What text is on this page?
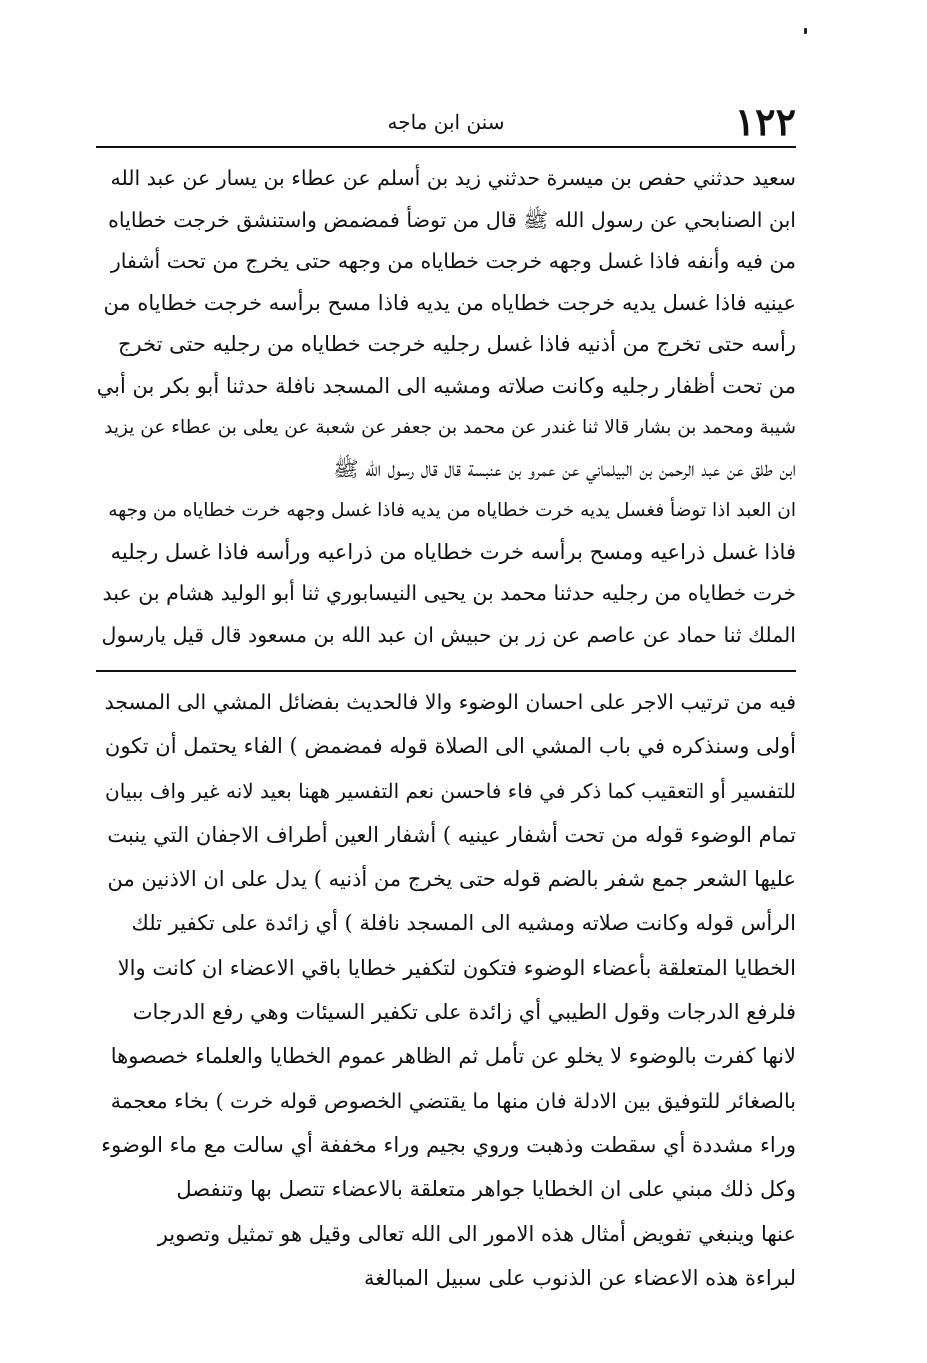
١٢٢
سنن ابن ماجه
سعيد حدثني حفص بن ميسرة حدثني زيد بن أسلم عن عطاء بن يسار عن عبد الله
ابن الصنابحي عن رسول الله ﷺ قال من توضأ فمضمض واستنشق خرجت خطاياه
من فيه وأنفه فاذا غسل وجهه خرجت خطاياه من وجهه حتى يخرج من تحت أشفار
عينيه فاذا غسل يديه خرجت خطاياه من يديه فاذا مسح برأسه خرجت خطاياه من
رأسه حتى تخرج من أذنيه فاذا غسل رجليه خرجت خطاياه من رجليه حتى تخرج
من تحت أظفار رجليه وكانت صلاته ومشيه الى المسجد نافلة حدثنا أبو بكر بن أبي
شيبة ومحمد بن بشار قالا ثنا غندر عن محمد بن جعفر عن شعبة عن يعلى بن عطاء عن يزيد
ابن طلق عن عبد الرحمن بن البيلماني عن عمرو بن عنبسة قال قال رسول الله ﷺ
ان العبد اذا توضأ فغسل يديه خرت خطاياه من يديه فاذا غسل وجهه خرت خطاياه من وجهه
فاذا غسل ذراعيه ومسح برأسه خرت خطاياه من ذراعيه ورأسه فاذا غسل رجليه
خرت خطاياه من رجليه حدثنا محمد بن يحيى النيسابوري ثنا أبو الوليد هشام بن عبد
الملك ثنا حماد عن عاصم عن زر بن حبيش ان عبد الله بن مسعود قال قيل يارسول
فيه من ترتيب الاجر على احسان الوضوء والا فالحديث بفضائل المشي الى المسجد
أولى وسنذكره في باب المشي الى الصلاة قوله فمضمض ) الفاء يحتمل أن تكون
للتفسير أو التعقيب كما ذكر في فاء فاحسن نعم التفسير ههنا بعيد لانه غير واف ببيان
تمام الوضوء قوله من تحت أشفار عينيه ) أشفار العين أطراف الاجفان التي ينبت
عليها الشعر جمع شفر بالضم قوله حتى يخرج من أذنيه ) يدل على ان الاذنين من
الرأس قوله وكانت صلاته ومشيه الى المسجد نافلة ) أي زائدة على تكفير تلك
الخطايا المتعلقة بأعضاء الوضوء فتكون لتكفير خطايا باقي الاعضاء ان كانت والا
فلرفع الدرجات وقول الطيبي أي زائدة على تكفير السيئات وهي رفع الدرجات
لانها كفرت بالوضوء لا يخلو عن تأمل ثم الظاهر عموم الخطايا والعلماء خصصوها
بالصغائر للتوفيق بين الادلة فان منها ما يقتضي الخصوص قوله خرت ) بخاء معجمة
وراء مشددة أي سقطت وذهبت وروي بجيم وراء مخففة أي سالت مع ماء الوضوء
وكل ذلك مبني على ان الخطايا جواهر متعلقة بالاعضاء تتصل بها وتنفصل
عنها وينبغي تفويض أمثال هذه الامور الى الله تعالى وقيل هو تمثيل وتصوير
لبراءة هذه الاعضاء عن الذنوب على سبيل المبالغة
